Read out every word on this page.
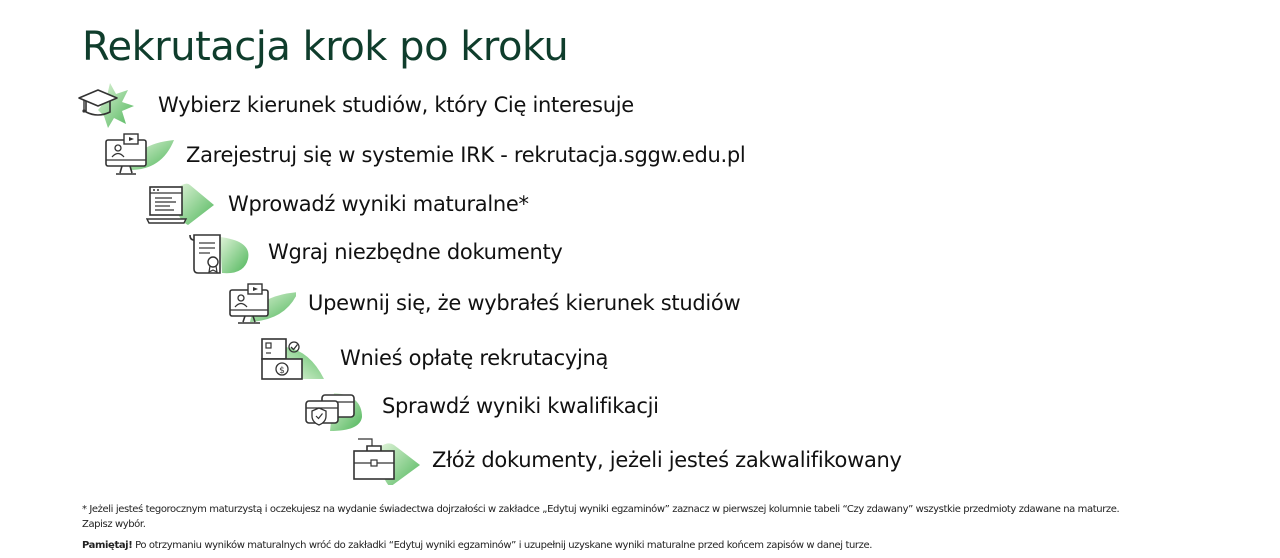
Rekrutacja krok po kroku
Wybierz kierunek studiów, który Cię interesuje
Zarejestruj się w systemie IRK - rekrutacja.sggw.edu.pl
Wprowadź wyniki maturalne*
Wgraj niezbędne dokumenty
Upewnij się, że wybrałeś kierunek studiów
$
Wnieś opłatę rekrutacyjną
Sprawdź wyniki kwalifikacji
Złóż dokumenty, jeżeli jesteś zakwalifikowany

* Jeżeli jesteś tegorocznym maturzystą i oczekujesz na wydanie świadectwa dojrzałości w zakładce „Edytuj wyniki egzaminów” zaznacz w pierwszej kolumnie tabeli “Czy zdawany” wszystkie przedmioty zdawane na maturze. Zapisz wybór.

Pamiętaj! Po otrzymaniu wyników maturalnych wróć do zakładki “Edytuj wyniki egzaminów” i uzupełnij uzyskane wyniki maturalne przed końcem zapisów w danej turze.
